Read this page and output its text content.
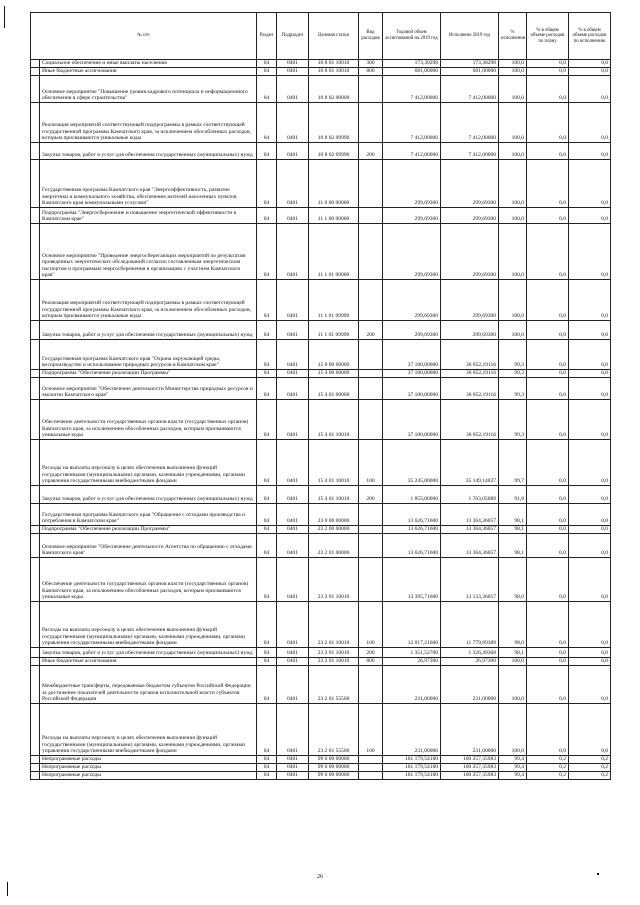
№ п/п		Раздел	Подраздел	Целевая статья	Вид расходов	Годовой объем ассигнований на 2019 год	Исполнено 2019 год	% исполнения	% в общем объеме расходов по плану	% в общем объеме расходов по исполнению
	Социальное обеспечение и иные выплаты населению	04	0401	10 8 01 10010	300	173,30298	173,30298	100,0	0,0	0,0
	Иные бюджетные ассигнования	04	0401	10 8 01 10010	800	681,00000	681,00000	100,0	0,0	0,0
	Основное мероприятие "Повышение уровня кадрового потенциала и информационного обеспечения в сфере строительства"	04	0401	10 8 02 00000		7 412,00000	7 412,00000	100,0	0,0	0,0
	Реализация мероприятий соответствующей подпрограммы в рамках соответствующей государственной программы Камчатского края, за исключением обособленных расходов, которым присваиваются уникальные коды	04	0401	10 8 02 09990		7 412,00000	7 412,00000	100,0	0,0	0,0
	Закупка товаров, работ и услуг для обеспечения государственных (муниципальных) нужд	04	0401	10 8 02 09990	200	7 412,00000	7 412,00000	100,0	0,0	0,0
	Государственная программа Камчатского края "Энергоэффективность, развитие энергетики и коммунального хозяйства, обеспечение жителей населенных пунктов Камчатского края коммунальными услугами"	04	0401	11 0 00 00000		299,69300	299,69300	100,0	0,0	0,0
	Подпрограмма "Энергосбережение и повышение энергетической эффективности в Камчатском крае"	04	0401	11 1 00 00000		299,69300	299,69300	100,0	0,0	0,0
	Основное мероприятие "Проведение энергосберегающих мероприятий по результатам проведенных энергетических обследований согласно составленным энергетическим паспортам и программам энергосбережения в организациях с участием Камчатского края"	04	0401	11 1 01 00000		299,69300	299,69300	100,0	0,0	0,0
	Реализация мероприятий соответствующей подпрограммы в рамках соответствующей государственной программы Камчатского края, за исключением обособленных расходов, которым присваиваются уникальные коды	04	0401	11 1 01 09990		299,69300	299,69300	100,0	0,0	0,0
	Закупка товаров, работ и услуг для обеспечения государственных (муниципальных) нужд	04	0401	11 1 01 09990	200	299,69300	299,69300	100,0	0,0	0,0
	Государственная программа Камчатского края "Охрана окружающей среды, воспроизводство и использование природных ресурсов в Камчатском крае"	04	0401	15 0 00 00000		37 100,00000	36 852,19116	99,3	0,0	0,0
	Подпрограмма "Обеспечение реализации Программы"	04	0401	15 4 00 00000		37 100,00000	36 852,19116	99,3	0,0	0,0
	Основное мероприятие "Обеспечение деятельности Министерства природных ресурсов и экологии Камчатского края"	04	0401	15 4 01 00000		37 100,00000	36 852,19116	99,3	0,0	0,0
	Обеспечение деятельности государственных органов власти (государственных органов) Камчатского края, за исключением обособленных расходов, которым присваиваются уникальные коды	04	0401	15 4 01 10010		37 100,00000	36 852,19116	99,3	0,0	0,0
	Расходы на выплаты персоналу в целях обеспечения выполнения функций государственными (муниципальными) органами, казенными учреждениями, органами управления государственными внебюджетными фондами	04	0401	15 4 01 10010	100	35 245,00000	35 149,14027	99,7	0,0	0,0
	Закупка товаров, работ и услуг для обеспечения государственных (муниципальных) нужд	04	0401	15 4 01 10010	200	1 855,00000	1 703,05089	91,8	0,0	0,0
	Государственная программа Камчатского края "Обращение с отходами производства и потребления в Камчатском крае"	04	0401	23 0 00 00000		13 626,71600	13 364,36057	98,1	0,0	0,0
	Подпрограмма "Обеспечение реализации Программы"	04	0401	23 2 00 00000		13 626,71600	13 364,36057	98,1	0,0	0,0
	Основное мероприятие "Обеспечение деятельности Агентства по обращению с отходами Камчатского края"	04	0401	23 2 01 00000		13 626,71600	13 364,36057	98,1	0,0	0,0
	Обеспечение деятельности государственных органов власти (государственных органов) Камчатского края, за исключением обособленных расходов, которым присваиваются уникальные коды	04	0401	23 2 01 10010		13 395,71600	13 133,36057	98,0	0,0	0,0
	Расходы на выплаты персоналу в целях обеспечения выполнения функций государственными (муниципальными) органами, казенными учреждениями, органами управления государственными внебюджетными фондами	04	0401	23 2 01 10010	100	12 017,21600	11 779,89389	98,0	0,0	0,0
	Закупка товаров, работ и услуг для обеспечения государственных (муниципальных) нужд	04	0401	23 2 01 10010	200	1 351,52700	1 326,49368	98,1	0,0	0,0
	Иные бюджетные ассигнования	04	0401	23 2 01 10010	800	26,97300	26,97300	100,0	0,0	0,0
	Межбюджетные трансферты, передаваемые бюджетам субъектов Российской Федерации за достижение показателей деятельности органов исполнительной власти субъектов Российской Федерации	04	0401	23 2 01 55500		231,00000	231,00000	100,0	0,0	0,0
	Расходы на выплаты персоналу в целях обеспечения выполнения функций государственными (муниципальными) органами, казенными учреждениями, органами управления государственными внебюджетными фондами	04	0401	23 2 01 55500	100	231,00000	231,00000	100,0	0,0	0,0
	Непрограммные расходы	04	0401	99 0 00 00000		161 179,54160	160 257,35983	99,4	0,2	0,2
	Непрограммные расходы	04	0401	99 0 00 00000		161 179,54160	160 257,35983	99,4	0,2	0,2
	Непрограммные расходы	04	0401	99 0 00 00000		161 179,54160	160 257,35983	99,4	0,2	0,2
26
